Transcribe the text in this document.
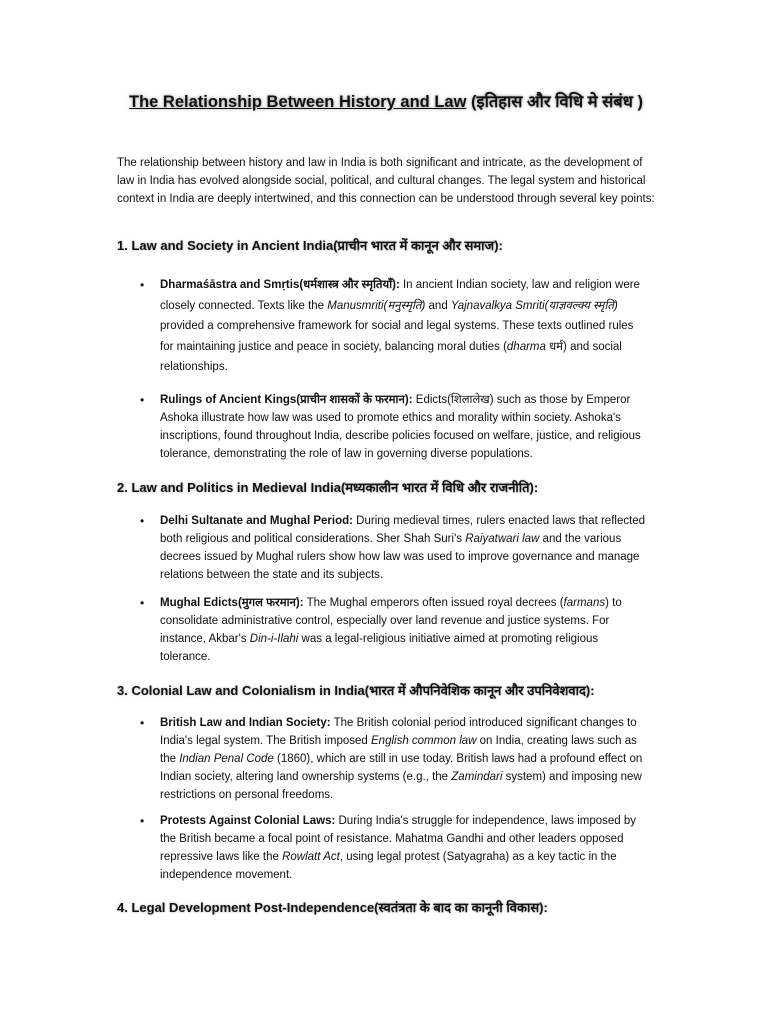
The Relationship Between History and Law (इतिहास और विधि मे संबंध )

The relationship between history and law in India is both significant and intricate, as the development of law in India has evolved alongside social, political, and cultural changes. The legal system and historical context in India are deeply intertwined, and this connection can be understood through several key points:

1. Law and Society in Ancient India(प्राचीन भारत में कानून और समाज):

• Dharmaśāstra and Smṛtis(धर्मशास्त्र और स्मृतियाँ): In ancient Indian society, law and religion were closely connected. Texts like the Manusmriti(मनुस्मृति) and Yajnavalkya Smriti(याज्ञवल्क्य स्मृति) provided a comprehensive framework for social and legal systems. These texts outlined rules for maintaining justice and peace in society, balancing moral duties (dharma धर्म) and social relationships.

• Rulings of Ancient Kings(प्राचीन शासकों के फरमान): Edicts(शिलालेख) such as those by Emperor Ashoka illustrate how law was used to promote ethics and morality within society. Ashoka's inscriptions, found throughout India, describe policies focused on welfare, justice, and religious tolerance, demonstrating the role of law in governing diverse populations.

2. Law and Politics in Medieval India(मध्यकालीन भारत में विधि और राजनीति):

• Delhi Sultanate and Mughal Period: During medieval times, rulers enacted laws that reflected both religious and political considerations. Sher Shah Suri's Raiyatwari law and the various decrees issued by Mughal rulers show how law was used to improve governance and manage relations between the state and its subjects.

• Mughal Edicts(मुगल फरमान): The Mughal emperors often issued royal decrees (farmans) to consolidate administrative control, especially over land revenue and justice systems. For instance, Akbar's Din-i-Ilahi was a legal-religious initiative aimed at promoting religious tolerance.

3. Colonial Law and Colonialism in India(भारत में औपनिवेशिक कानून और उपनिवेशवाद):

• British Law and Indian Society: The British colonial period introduced significant changes to India's legal system. The British imposed English common law on India, creating laws such as the Indian Penal Code (1860), which are still in use today. British laws had a profound effect on Indian society, altering land ownership systems (e.g., the Zamindari system) and imposing new restrictions on personal freedoms.

• Protests Against Colonial Laws: During India's struggle for independence, laws imposed by the British became a focal point of resistance. Mahatma Gandhi and other leaders opposed repressive laws like the Rowlatt Act, using legal protest (Satyagraha) as a key tactic in the independence movement.

4. Legal Development Post-Independence(स्वतंत्रता के बाद का कानूनी विकास):
